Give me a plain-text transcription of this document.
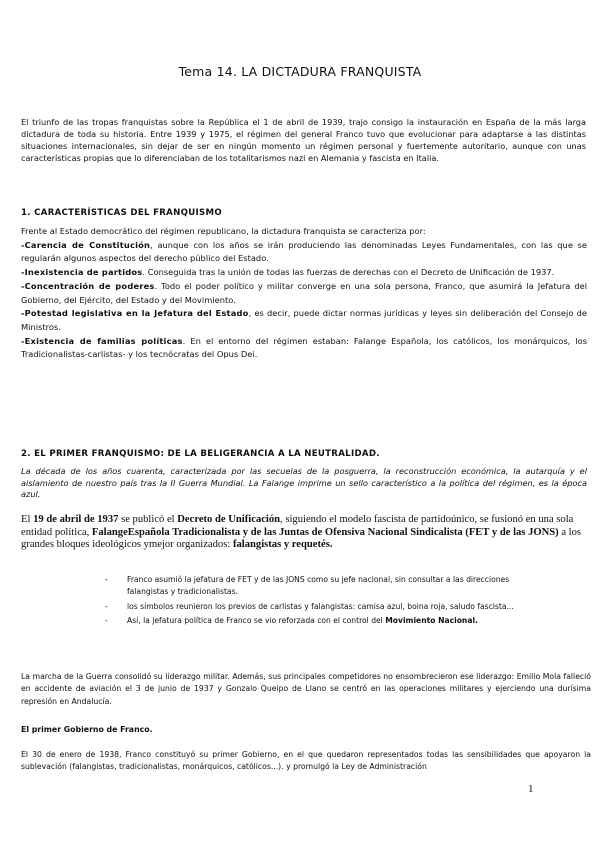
Tema 14. LA DICTADURA FRANQUISTA
El triunfo de las tropas franquistas sobre la República el 1 de abril de 1939, trajo consigo la instauración en España de la más larga dictadura de toda su historia. Entre 1939 y 1975, el régimen del general Franco tuvo que evolucionar para adaptarse a las distintas situaciones internacionales, sin dejar de ser en ningún momento un régimen personal y fuertemente autoritario, aunque con unas características propias que lo diferenciaban de los totalitarismos nazi en Alemania y fascista en Italia.
1. CARACTERÍSTICAS DEL FRANQUISMO
Frente al Estado democrático del régimen republicano, la dictadura franquista se caracteriza por:
-Carencia de Constitución, aunque con los años se irán produciendo las denominadas Leyes Fundamentales, con las que se regularán algunos aspectos del derecho público del Estado.
-Inexistencia de partidos. Conseguida tras la unión de todas las fuerzas de derechas con el Decreto de Unificación de 1937.
-Concentración de poderes. Todo el poder político y militar converge en una sola persona, Franco, que asumirá la Jefatura del Gobierno, del Ejército, del Estado y del Movimiento.
-Potestad legislativa en la Jefatura del Estado, es decir, puede dictar normas jurídicas y leyes sin deliberación del Consejo de Ministros.
-Existencia de familias políticas. En el entorno del régimen estaban: Falange Española, los católicos, los monárquicos, los Tradicionalistas-carlistas- y los tecnócratas del Opus Dei.
2. EL PRIMER FRANQUISMO: DE LA BELIGERANCIA A LA NEUTRALIDAD.
La década de los años cuarenta, caracterizada por las secuelas de la posguerra, la reconstrucción económica, la autarquía y el aislamiento de nuestro país tras la II Guerra Mundial. La Falange imprime un sello característico a la política del régimen, es la época azul.
El 19 de abril de 1937 se publicó el Decreto de Unificación, siguiendo el modelo fascista de partidoúnico, se fusionó en una sola entidad política, FalangeEspañola Tradicionalista y de las Juntas de Ofensiva Nacional Sindicalista (FET y de las JONS) a los grandes bloques ideológicos ymejor organizados: falangistas y requetés.
-	Franco asumió la jefatura de FET y de las JONS como su jefe nacional, sin consultar a las direcciones falangistas y tradicionalistas.
-	los símbolos reunieron los previos de carlistas y falangistas: camisa azul, boina roja, saludo fascista...
-	Así, la jefatura política de Franco se vio reforzada con el control del Movimiento Nacional.
La marcha de la Guerra consolidó su liderazgo militar. Además, sus principales competidores no ensombrecieron ese liderazgo: Emilio Mola falleció en accidente de aviación el 3 de junio de 1937 y Gonzalo Queipo de Llano se centró en las operaciones militares y ejerciendo una durísima represión en Andalucía.
El primer Gobierno de Franco.
El 30 de enero de 1938, Franco constituyó su primer Gobierno, en el que quedaron representados todas las sensibilidades que apoyaron la sublevación (falangistas, tradicionalistas, monárquicos, católicos...). y promulgó la Ley de Administración
1
